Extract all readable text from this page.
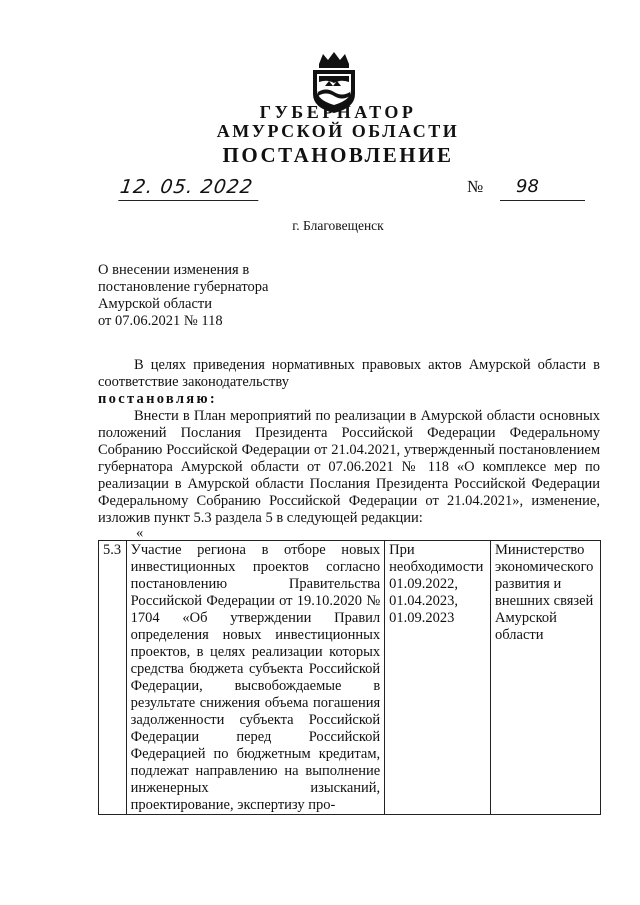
ГУБЕРНАТОР
АМУРСКОЙ ОБЛАСТИ
ПОСТАНОВЛЕНИЕ
12. 05. 2022	№	98
г. Благовещенск
О внесении изменения в
постановление губернатора
Амурской области
от 07.06.2021 № 118
В целях приведения нормативных правовых актов Амурской области в соответствие законодательству
постановляю:
Внести в План мероприятий по реализации в Амурской области основных положений Послания Президента Российской Федерации Федеральному Собранию Российской Федерации от 21.04.2021, утвержденный постановлением губернатора Амурской области от 07.06.2021 № 118 «О комплексе мер по реализации в Амурской области Послания Президента Российской Федерации Федеральному Собранию Российской Федерации от 21.04.2021», изменение, изложив пункт 5.3 раздела 5 в следующей редакции:
«
5.3	Участие региона в отборе новых инвестиционных проектов согласно постановлению Правительства Российской Федерации от 19.10.2020 № 1704 «Об утверждении Правил определения новых инвестиционных проектов, в целях реализации которых средства бюджета субъекта Российской Федерации, высвобождаемые в результате снижения объема погашения задолженности субъекта Российской Федерации перед Российской Федерацией по бюджетным кредитам, подлежат направлению на выполнение инженерных изысканий, проектирование, экспертизу про-	При необходимости 01.09.2022, 01.04.2023, 01.09.2023	Министерство экономического развития и внешних связей Амурской области
